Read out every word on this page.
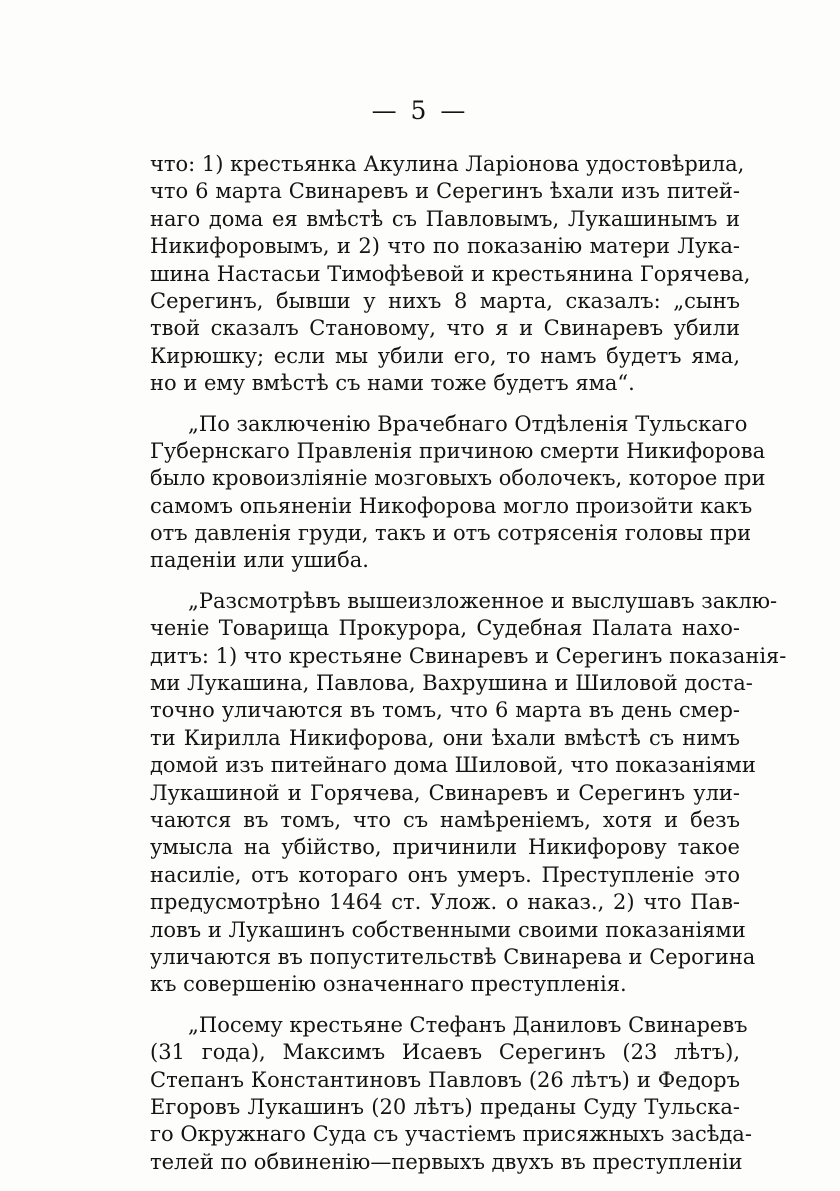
— 5 —
что: 1) крестьянка Акулина Ларіонова удостовѣрила,
что 6 марта Свинаревъ и Серегинъ ѣхали изъ питей-
наго дома ея вмѣстѣ съ Павловымъ, Лукашинымъ и
Никифоровымъ, и 2) что по показанію матери Лука-
шина Настасьи Тимофѣевой и крестьянина Горячева,
Серегинъ, бывши у нихъ 8 марта, сказалъ: „сынъ
твой сказалъ Становому, что я и Свинаревъ убили
Кирюшку; если мы убили его, то намъ будетъ яма,
но и ему вмѣстѣ съ нами тоже будетъ яма“.
„По заключенію Врачебнаго Отдѣленія Тульскаго
Губернскаго Правленія причиною смерти Никифорова
было кровоизліяніе мозговыхъ оболочекъ, которое при
самомъ опьяненіи Никофорова могло произойти какъ
отъ давленія груди, такъ и отъ сотрясенія головы при
паденіи или ушиба.
„Разсмотрѣвъ вышеизложенное и выслушавъ заклю-
ченіе Товарища Прокурора, Судебная Палата нахо-
дитъ: 1) что крестьяне Свинаревъ и Серегинъ показанія-
ми Лукашина, Павлова, Вахрушина и Шиловой доста-
точно уличаются въ томъ, что 6 марта въ день смер-
ти Кирилла Никифорова, они ѣхали вмѣстѣ съ нимъ
домой изъ питейнаго дома Шиловой, что показаніями
Лукашиной и Горячева, Свинаревъ и Серегинъ ули-
чаются въ томъ, что съ намѣреніемъ, хотя и безъ
умысла на убійство, причинили Никифорову такое
насиліе, отъ котораго онъ умеръ. Преступленіе это
предусмотрѣно 1464 ст. Улож. о наказ., 2) что Пав-
ловъ и Лукашинъ собственными своими показаніями
уличаются въ попустительствѣ Свинарева и Серогина
къ совершенію означеннаго преступленія.
„Посему крестьяне Стефанъ Даниловъ Свинаревъ
(31 года), Максимъ Исаевъ Серегинъ (23 лѣтъ),
Степанъ Константиновъ Павловъ (26 лѣтъ) и Федоръ
Егоровъ Лукашинъ (20 лѣтъ) преданы Суду Тульска-
го Окружнаго Суда съ участіемъ присяжныхъ засѣда-
телей по обвиненію—первыхъ двухъ въ преступленіи
